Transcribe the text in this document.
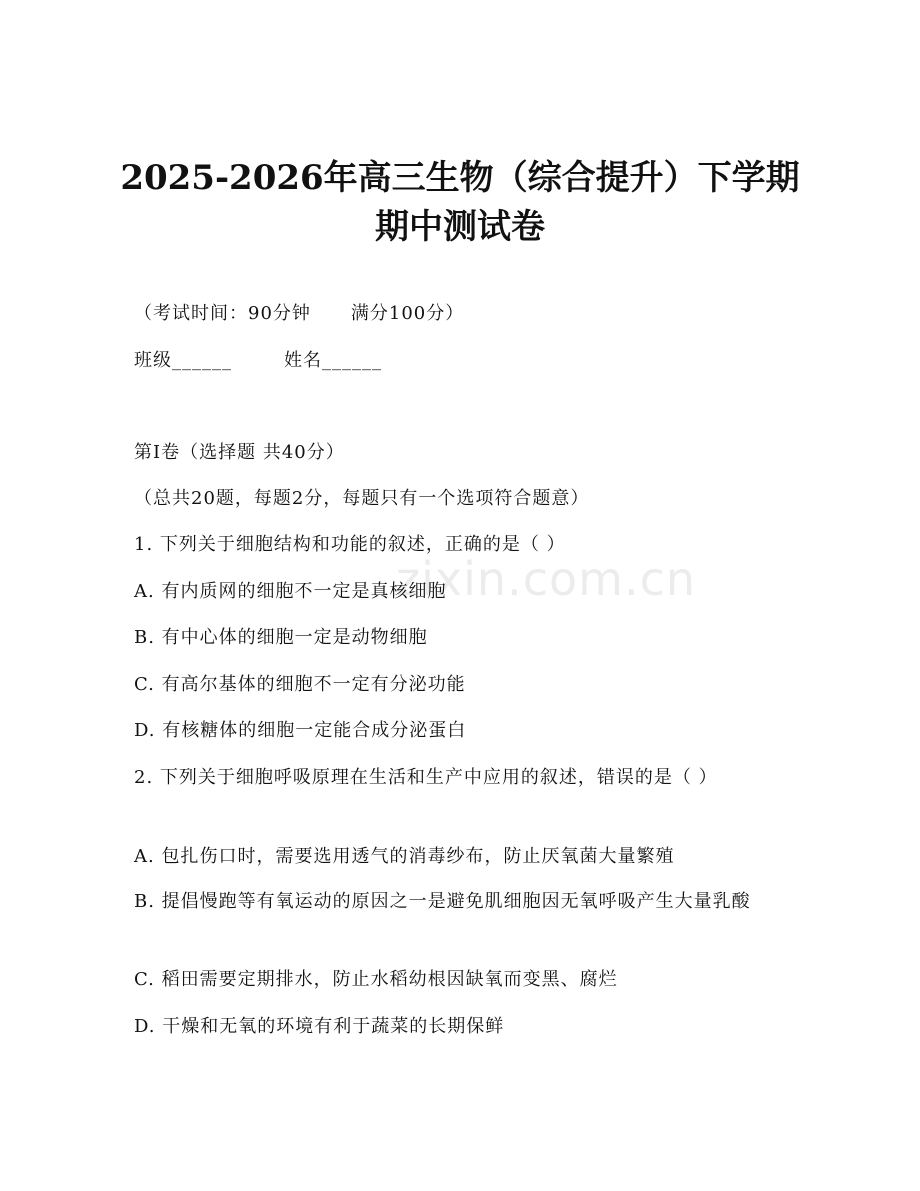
2025-2026年高三生物（综合提升）下学期
期中测试卷
（考试时间：90分钟 满分100分）
班级______	姓名______
第Ⅰ卷（选择题 共40分）
（总共20题，每题2分，每题只有一个选项符合题意）
zixin.com.cn
1. 下列关于细胞结构和功能的叙述，正确的是（ ）
A. 有内质网的细胞不一定是真核细胞
B. 有中心体的细胞一定是动物细胞
C. 有高尔基体的细胞不一定有分泌功能
D. 有核糖体的细胞一定能合成分泌蛋白
2. 下列关于细胞呼吸原理在生活和生产中应用的叙述，错误的是（ ）
A. 包扎伤口时，需要选用透气的消毒纱布，防止厌氧菌大量繁殖
B. 提倡慢跑等有氧运动的原因之一是避免肌细胞因无氧呼吸产生大量乳酸
C. 稻田需要定期排水，防止水稻幼根因缺氧而变黑、腐烂
D. 干燥和无氧的环境有利于蔬菜的长期保鲜
